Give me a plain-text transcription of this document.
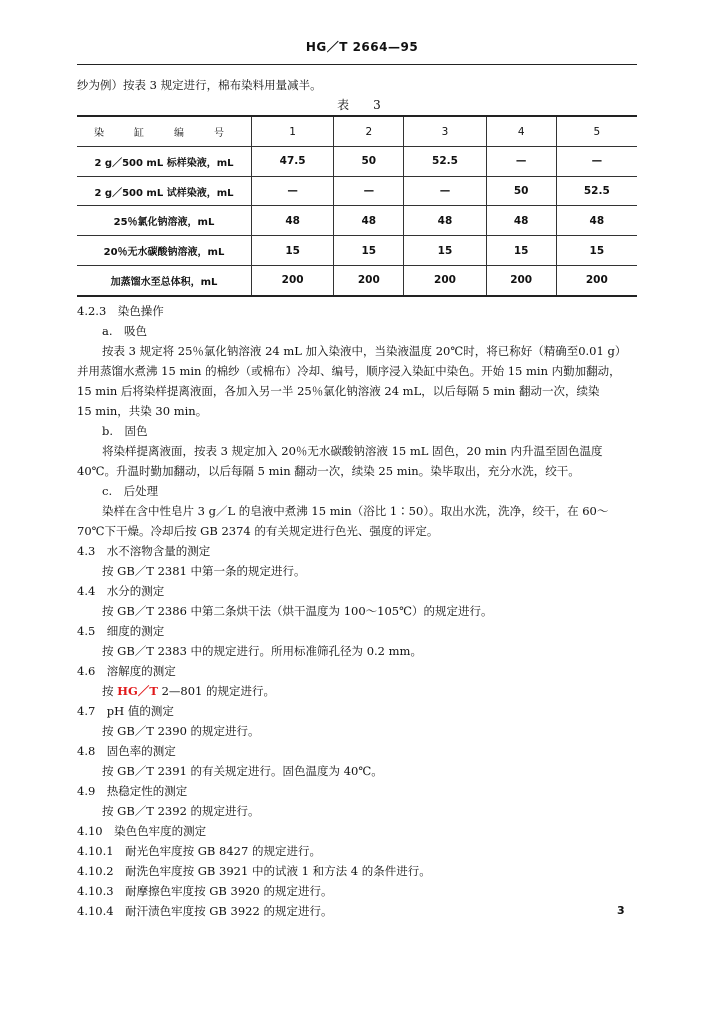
HG／T 2664—95
纱为例）按表 3 规定进行，棉布染料用量减半。
表　3
染　缸　编　号	1	2	3	4	5
2 g／500 mL 标样染液，mL	47.5	50	52.5	—	—
2 g／500 mL 试样染液，mL	—	—	—	50	52.5
25％氯化钠溶液，mL	48	48	48	48	48
20％无水碳酸钠溶液，mL	15	15	15	15	15
加蒸馏水至总体积，mL	200	200	200	200	200
4.2.3　染色操作
a.　吸色
按表 3 规定将 25％氯化钠溶液 24 mL 加入染液中，当染液温度 20℃时，将已称好（精确至0.01 g）
并用蒸馏水煮沸 15 min 的棉纱（或棉布）冷却、编号，顺序浸入染缸中染色。开始 15 min 内勤加翻动，
15 min 后将染样提离液面，各加入另一半 25％氯化钠溶液 24 mL，以后每隔 5 min 翻动一次，续染
15 min，共染 30 min。
b.　固色
将染样提离液面，按表 3 规定加入 20％无水碳酸钠溶液 15 mL 固色，20 min 内升温至固色温度
40℃。升温时勤加翻动，以后每隔 5 min 翻动一次，续染 25 min。染毕取出，充分水洗，绞干。
c.　后处理
染样在含中性皂片 3 g／L 的皂液中煮沸 15 min（浴比 1∶50）。取出水洗，洗净，绞干，在 60～
70℃下干燥。冷却后按 GB 2374 的有关规定进行色光、强度的评定。
4.3　水不溶物含量的测定
按 GB／T 2381 中第一条的规定进行。
4.4　水分的测定
按 GB／T 2386 中第二条烘干法（烘干温度为 100～105℃）的规定进行。
4.5　细度的测定
按 GB／T 2383 中的规定进行。所用标准筛孔径为 0.2 mm。
4.6　溶解度的测定
按 HG／T 2—801 的规定进行。
4.7　pH 值的测定
按 GB／T 2390 的规定进行。
4.8　固色率的测定
按 GB／T 2391 的有关规定进行。固色温度为 40℃。
4.9　热稳定性的测定
按 GB／T 2392 的规定进行。
4.10　染色色牢度的测定
4.10.1　耐光色牢度按 GB 8427 的规定进行。
4.10.2　耐洗色牢度按 GB 3921 中的试液 1 和方法 4 的条件进行。
4.10.3　耐摩擦色牢度按 GB 3920 的规定进行。
4.10.4　耐汗渍色牢度按 GB 3922 的规定进行。	3
